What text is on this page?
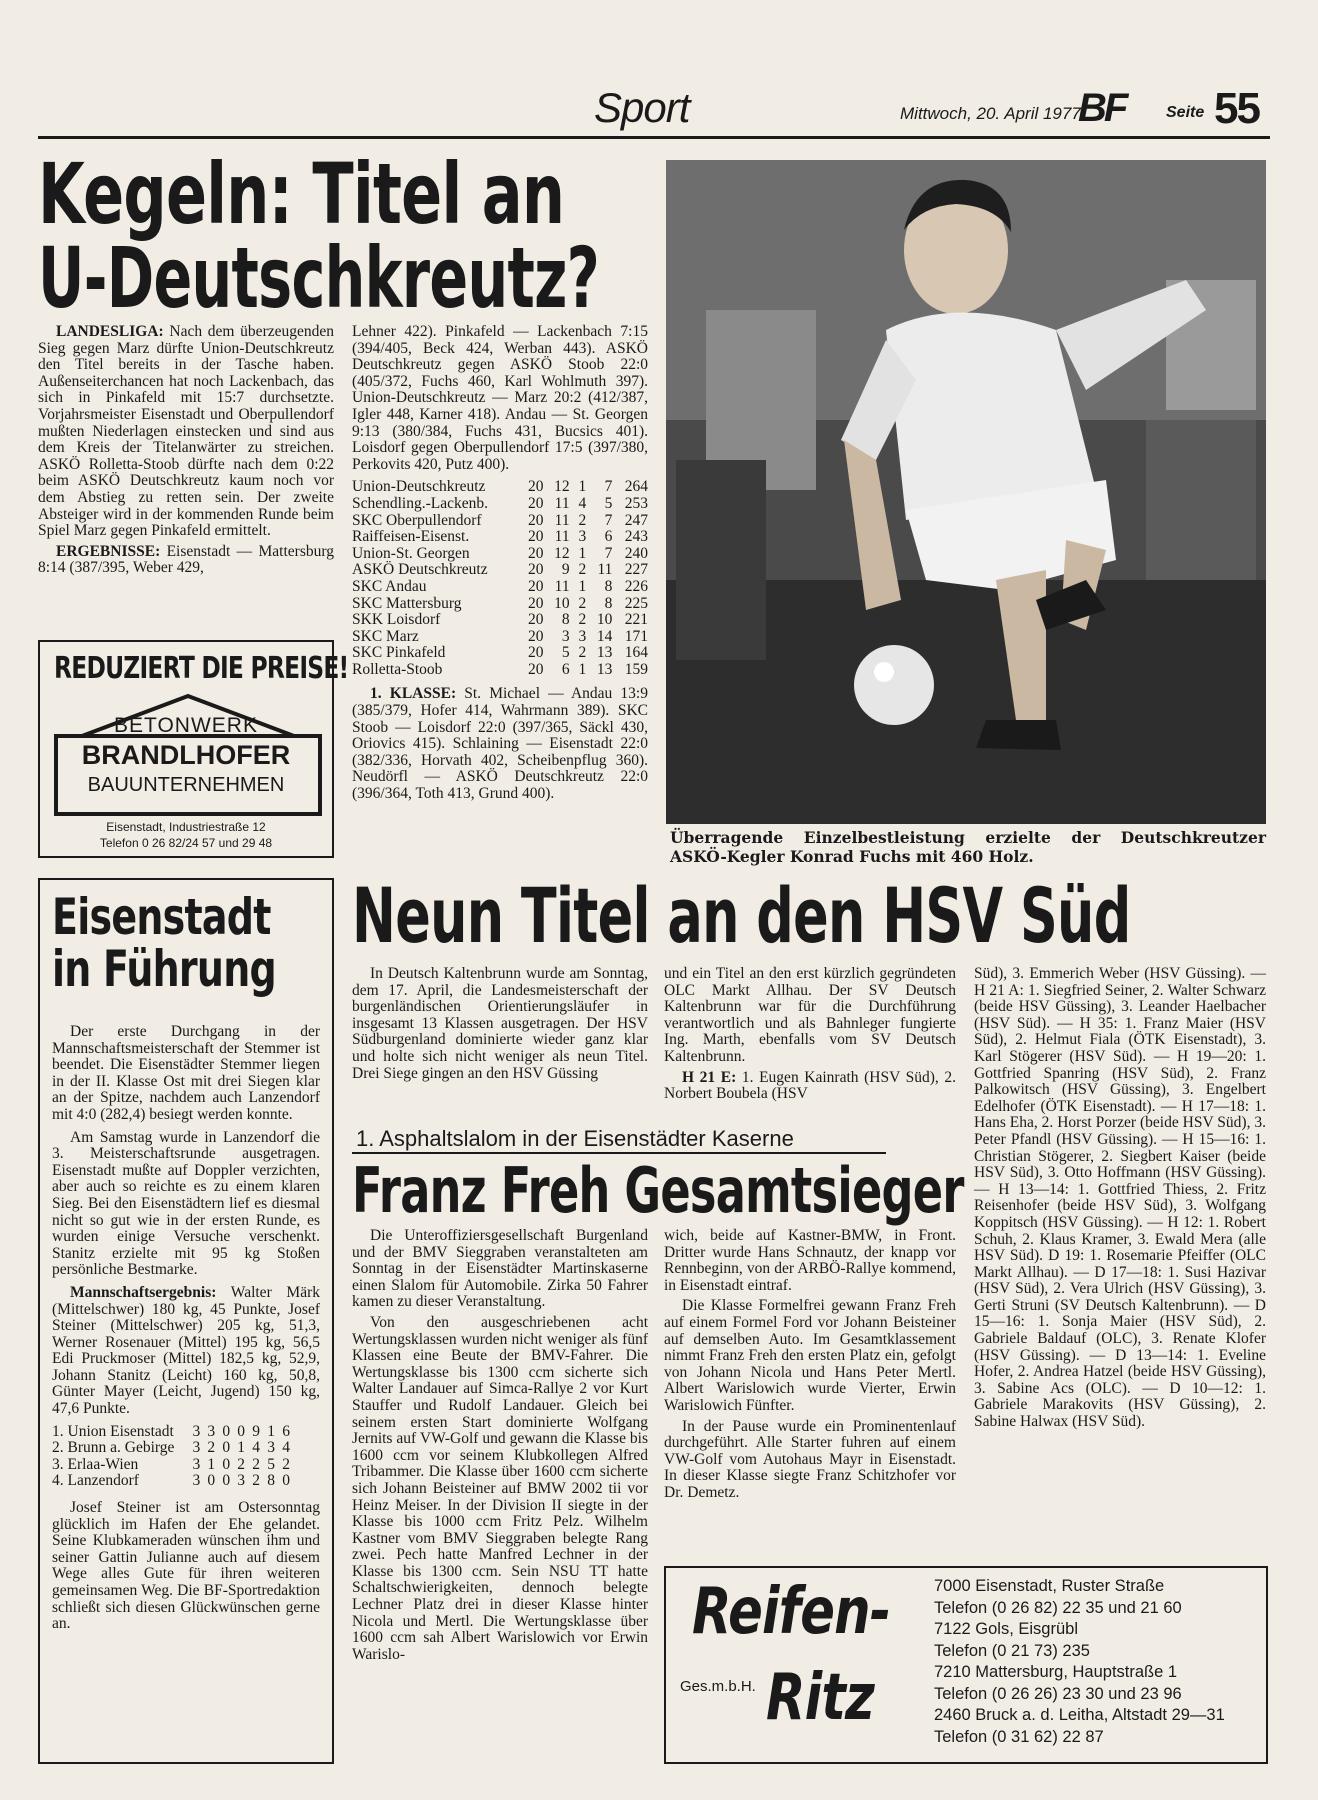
Sport	Mittwoch, 20. April 1977
BF	Seite 55
Kegeln: Titel an
U-Deutschkreutz?

LANDESLIGA: Nach dem überzeugenden Sieg gegen Marz dürfte Union-Deutschkreutz den Titel bereits in der Tasche haben. Außenseiterchancen hat noch Lackenbach, das sich in Pinkafeld mit 15:7 durchsetzte. Vorjahrsmeister Eisenstadt und Oberpullendorf mußten Niederlagen einstecken und sind aus dem Kreis der Titelanwärter zu streichen. ASKÖ Rolletta-Stoob dürfte nach dem 0:22 beim ASKÖ Deutschkreutz kaum noch vor dem Abstieg zu retten sein. Der zweite Absteiger wird in der kommenden Runde beim Spiel Marz gegen Pinkafeld ermittelt.

ERGEBNISSE: Eisenstadt — Mattersburg 8:14 (387/395, Weber 429,

Lehner 422). Pinkafeld — Lackenbach 7:15 (394/405, Beck 424, Werban 443). ASKÖ Deutschkreutz gegen ASKÖ Stoob 22:0 (405/372, Fuchs 460, Karl Wohlmuth 397). Union-Deutschkreutz — Marz 20:2 (412/387, Igler 448, Karner 418). Andau — St. Georgen 9:13 (380/384, Fuchs 431, Bucsics 401). Loisdorf gegen Oberpullendorf 17:5 (397/380, Perkovits 420, Putz 400).

Union-Deutschkreutz	20	12	1	7	264
Schendling.-Lackenb.	20	11	4	5	253
SKC Oberpullendorf	20	11	2	7	247
Raiffeisen-Eisenst.	20	11	3	6	243
Union-St. Georgen	20	12	1	7	240
ASKÖ Deutschkreutz	20	9	2	11	227
SKC Andau	20	11	1	8	226
SKC Mattersburg	20	10	2	8	225
SKK Loisdorf	20	8	2	10	221
SKC Marz	20	3	3	14	171
SKC Pinkafeld	20	5	2	13	164
Rolletta-Stoob	20	6	1	13	159

1. KLASSE: St. Michael — Andau 13:9 (385/379, Hofer 414, Wahrmann 389). SKC Stoob — Loisdorf 22:0 (397/365, Säckl 430, Oriovics 415). Schlaining — Eisenstadt 22:0 (382/336, Horvath 402, Scheibenpflug 360). Neudörfl — ASKÖ Deutschkreutz 22:0 (396/364, Toth 413, Grund 400).

Überragende Einzelbestleistung erzielte der Deutschkreutzer ASKÖ-Kegler Konrad Fuchs mit 460 Holz.
REDUZIERT DIE PREISE!
BETONWERK
BRANDLHOFER
BAUUNTERNEHMEN
Eisenstadt, Industriestraße 12
Telefon 0 26 82/24 57 und 29 48
Eisenstadt
in Führung

Der erste Durchgang in der Mannschaftsmeisterschaft der Stemmer ist beendet. Die Eisenstädter Stemmer liegen in der II. Klasse Ost mit drei Siegen klar an der Spitze, nachdem auch Lanzendorf mit 4:0 (282,4) besiegt werden konnte.

Am Samstag wurde in Lanzendorf die 3. Meisterschaftsrunde ausgetragen. Eisenstadt mußte auf Doppler verzichten, aber auch so reichte es zu einem klaren Sieg. Bei den Eisenstädtern lief es diesmal nicht so gut wie in der ersten Runde, es wurden einige Versuche verschenkt. Stanitz erzielte mit 95 kg Stoßen persönliche Bestmarke.

Mannschaftsergebnis: Walter Märk (Mittelschwer) 180 kg, 45 Punkte, Josef Steiner (Mittelschwer) 205 kg, 51,3, Werner Rosenauer (Mittel) 195 kg, 56,5 Edi Pruckmoser (Mittel) 182,5 kg, 52,9, Johann Stanitz (Leicht) 160 kg, 50,8, Günter Mayer (Leicht, Jugend) 150 kg, 47,6 Punkte.

1. Union Eisenstadt	3	3	0	0	9	1	6
2. Brunn a. Gebirge	3	2	0	1	4	3	4
3. Erlaa-Wien	3	1	0	2	2	5	2
4. Lanzendorf	3	0	0	3	2	8	0

Josef Steiner ist am Ostersonntag glücklich im Hafen der Ehe gelandet. Seine Klubkameraden wünschen ihm und seiner Gattin Julianne auch auf diesem Wege alles Gute für ihren weiteren gemeinsamen Weg. Die BF-Sportredaktion schließt sich diesen Glückwünschen gerne an.

Neun Titel an den HSV Süd

In Deutsch Kaltenbrunn wurde am Sonntag, dem 17. April, die Landesmeisterschaft der burgenländischen Orientierungsläufer in insgesamt 13 Klassen ausgetragen. Der HSV Südburgenland dominierte wieder ganz klar und holte sich nicht weniger als neun Titel. Drei Siege gingen an den HSV Güssing

und ein Titel an den erst kürzlich gegründeten OLC Markt Allhau. Der SV Deutsch Kaltenbrunn war für die Durchführung verantwortlich und als Bahnleger fungierte Ing. Marth, ebenfalls vom SV Deutsch Kaltenbrunn.

H 21 E: 1. Eugen Kainrath (HSV Süd), 2. Norbert Boubela (HSV

Süd), 3. Emmerich Weber (HSV Güssing). — H 21 A: 1. Siegfried Seiner, 2. Walter Schwarz (beide HSV Güssing), 3. Leander Haelbacher (HSV Süd). — H 35: 1. Franz Maier (HSV Süd), 2. Helmut Fiala (ÖTK Eisenstadt), 3. Karl Stögerer (HSV Süd). — H 19—20: 1. Gottfried Spanring (HSV Süd), 2. Franz Palkowitsch (HSV Güssing), 3. Engelbert Edelhofer (ÖTK Eisenstadt). — H 17—18: 1. Hans Eha, 2. Horst Porzer (beide HSV Süd), 3. Peter Pfandl (HSV Güssing). — H 15—16: 1. Christian Stögerer, 2. Siegbert Kaiser (beide HSV Süd), 3. Otto Hoffmann (HSV Güssing). — H 13—14: 1. Gottfried Thiess, 2. Fritz Reisenhofer (beide HSV Süd), 3. Wolfgang Koppitsch (HSV Güssing). — H 12: 1. Robert Schuh, 2. Klaus Kramer, 3. Ewald Mera (alle HSV Süd). D 19: 1. Rosemarie Pfeiffer (OLC Markt Allhau). — D 17—18: 1. Susi Hazivar (HSV Süd), 2. Vera Ulrich (HSV Güssing), 3. Gerti Struni (SV Deutsch Kaltenbrunn). — D 15—16: 1. Sonja Maier (HSV Süd), 2. Gabriele Baldauf (OLC), 3. Renate Klofer (HSV Güssing). — D 13—14: 1. Eveline Hofer, 2. Andrea Hatzel (beide HSV Güssing), 3. Sabine Acs (OLC). — D 10—12: 1. Gabriele Marakovits (HSV Güssing), 2. Sabine Halwax (HSV Süd).

1. Asphaltslalom in der Eisenstädter Kaserne
Franz Freh Gesamtsieger

Die Unteroffiziersgesellschaft Burgenland und der BMV Sieggraben veranstalteten am Sonntag in der Eisenstädter Martinskaserne einen Slalom für Automobile. Zirka 50 Fahrer kamen zu dieser Veranstaltung.

Von den ausgeschriebenen acht Wertungsklassen wurden nicht weniger als fünf Klassen eine Beute der BMV-Fahrer. Die Wertungsklasse bis 1300 ccm sicherte sich Walter Landauer auf Simca-Rallye 2 vor Kurt Stauffer und Rudolf Landauer. Gleich bei seinem ersten Start dominierte Wolfgang Jernits auf VW-Golf und gewann die Klasse bis 1600 ccm vor seinem Klubkollegen Alfred Tribammer. Die Klasse über 1600 ccm sicherte sich Johann Beisteiner auf BMW 2002 tii vor Heinz Meiser. In der Division II siegte in der Klasse bis 1000 ccm Fritz Pelz. Wilhelm Kastner vom BMV Sieggraben belegte Rang zwei. Pech hatte Manfred Lechner in der Klasse bis 1300 ccm. Sein NSU TT hatte Schaltschwierigkeiten, dennoch belegte Lechner Platz drei in dieser Klasse hinter Nicola und Mertl. Die Wertungsklasse über 1600 ccm sah Albert Warislowich vor Erwin Warislo-

wich, beide auf Kastner-BMW, in Front. Dritter wurde Hans Schnautz, der knapp vor Rennbeginn, von der ARBÖ-Rallye kommend, in Eisenstadt eintraf.

Die Klasse Formelfrei gewann Franz Freh auf einem Formel Ford vor Johann Beisteiner auf demselben Auto. Im Gesamtklassement nimmt Franz Freh den ersten Platz ein, gefolgt von Johann Nicola und Hans Peter Mertl. Albert Warislowich wurde Vierter, Erwin Warislowich Fünfter.

In der Pause wurde ein Prominentenlauf durchgeführt. Alle Starter fuhren auf einem VW-Golf vom Autohaus Mayr in Eisenstadt. In dieser Klasse siegte Franz Schitzhofer vor Dr. Demetz.

Reifen-
Ges.m.b.H. Ritz
7000 Eisenstadt, Ruster Straße
Telefon (0 26 82) 22 35 und 21 60
7122 Gols, Eisgrübl
Telefon (0 21 73) 235
7210 Mattersburg, Hauptstraße 1
Telefon (0 26 26) 23 30 und 23 96
2460 Bruck a. d. Leitha, Altstadt 29—31
Telefon (0 31 62) 22 87
